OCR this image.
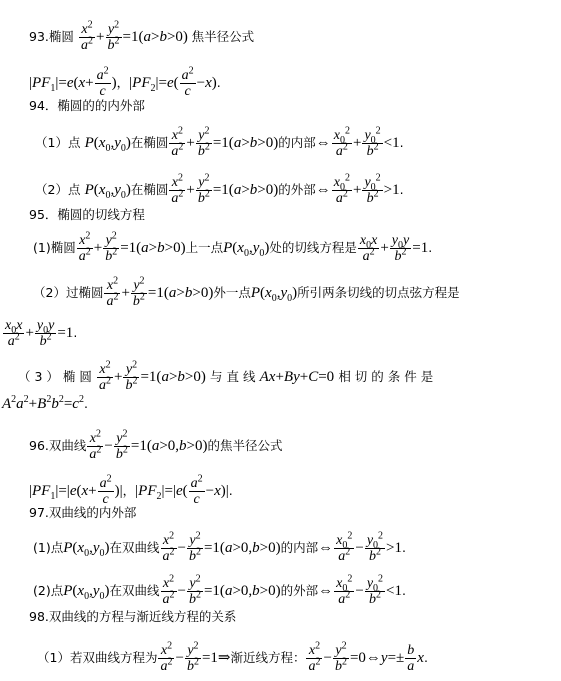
93.椭圆 $\frac{x^2}{a^2} + \frac{y^2}{b^2} =1(a>b>0)$ 焦半径公式
$|PF_1|=e(x+ \frac{a^2}{c}$ )，$|PF_2|=e( \frac{a^2}{c} -x)$.
94．椭圆的的内外部
（1）点 $P(x_0,y_0)$在椭圆 $\frac{x^2}{a^2} + \frac{y^2}{b^2} =1(a>b>0)$的内部⇔ $\frac{x_0^2}{a^2} + \frac{y_0^2}{b^2} <1$.
（2）点 $P(x_0,y_0)$在椭圆 $\frac{x^2}{a^2} + \frac{y^2}{b^2} =1(a>b>0)$的外部⇔ $\frac{x_0^2}{a^2} + \frac{y_0^2}{b^2} >1$.
95．椭圆的切线方程
(1)椭圆 $\frac{x^2}{a^2} + \frac{y^2}{b^2} =1(a>b>0)$上一点$P(x_0,y_0)$处的切线方程是 $\frac{x_0x}{a^2} + \frac{y_0y}{b^2} =1$.
（2）过椭圆 $\frac{x^2}{a^2} + \frac{y^2}{b^2} =1(a>b>0)$外一点$P(x_0,y_0)$所引两条切线的切点弦方程是
$\frac{x_0x}{a^2} + \frac{y_0y}{b^2} =1$.
（ 3 ） 椭 圆 $\frac{x^2}{a^2} + \frac{y^2}{b^2} =1(a>b>0)$ 与 直 线 Ax+By+C=0 相 切 的 条 件 是
$A^2a^2+B^2b^2=c^2$.
96.双曲线 $\frac{x^2}{a^2} - \frac{y^2}{b^2} =1(a>0,b>0)$的焦半径公式
$|PF_1|=|e(x+ \frac{a^2}{c}$ )|，$|PF_2|=|e( \frac{a^2}{c} -x)|$.
97.双曲线的内外部
(1)点$P(x_0,y_0)$在双曲线 $\frac{x^2}{a^2} - \frac{y^2}{b^2} =1(a>0,b>0)$的内部⇔ $\frac{x_0^2}{a^2} - \frac{y_0^2}{b^2} >1$.
(2)点$P(x_0,y_0)$在双曲线 $\frac{x^2}{a^2} - \frac{y^2}{b^2} =1(a>0,b>0)$的外部⇔ $\frac{x_0^2}{a^2} - \frac{y_0^2}{b^2} <1$.
98.双曲线的方程与渐近线方程的关系
（1）若双曲线方程为 $\frac{x^2}{a^2} - \frac{y^2}{b^2}$ =1⇒渐近线方程： $\frac{x^2}{a^2} - \frac{y^2}{b^2}$ =0⇔y=± $\frac{b}{a} x$.
